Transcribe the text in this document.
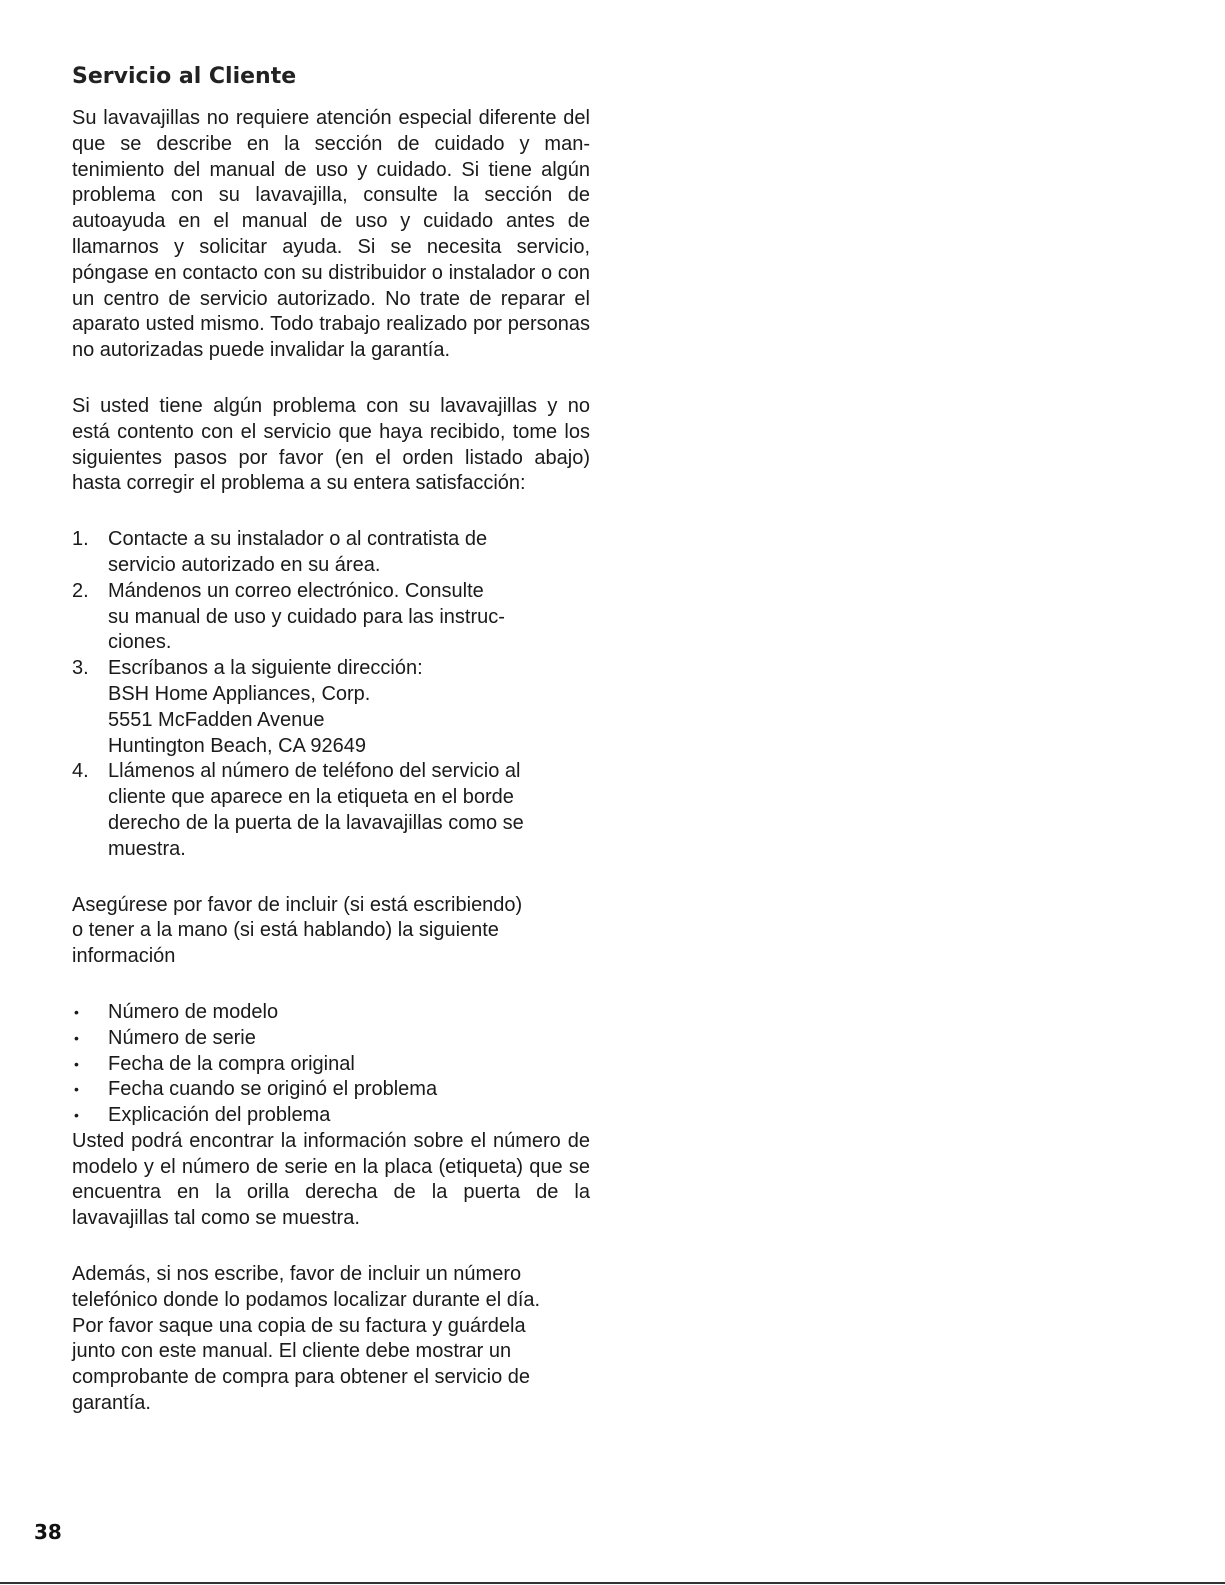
Servicio al Cliente

Su lavavajillas no requiere atención especial diferente del que se describe en la sección de cuidado y mantenimiento del manual de uso y cuidado. Si tiene algún problema con su lavavajilla, consulte la sección de autoayuda en el manual de uso y cuidado antes de llamarnos y solicitar ayuda. Si se necesita servicio, póngase en contacto con su distribuidor o instalador o con un centro de servicio autorizado. No trate de reparar el aparato usted mismo. Todo trabajo realizado por personas no autorizadas puede invalidar la garantía.

Si usted tiene algún problema con su lavavajillas y no está contento con el servicio que haya recibido, tome los siguientes pasos por favor (en el orden listado abajo) hasta corregir el problema a su entera satisfacción:

1. Contacte a su instalador o al contratista de
servicio autorizado en su área.
2. Mándenos un correo electrónico. Consulte
su manual de uso y cuidado para las instruc-
ciones.
3. Escríbanos a la siguiente dirección:
BSH Home Appliances, Corp.
5551 McFadden Avenue
Huntington Beach, CA 92649
4. Llámenos al número de teléfono del servicio al
cliente que aparece en la etiqueta en el borde
derecho de la puerta de la lavavajillas como se
muestra.

Asegúrese por favor de incluir (si está escribiendo)
o tener a la mano (si está hablando) la siguiente
información

• Número de modelo
• Número de serie
• Fecha de la compra original
• Fecha cuando se originó el problema
• Explicación del problema

Usted podrá encontrar la información sobre el número de modelo y el número de serie en la placa (etiqueta) que se encuentra en la orilla derecha de la puerta de la lavavajillas tal como se muestra.

Además, si nos escribe, favor de incluir un número
telefónico donde lo podamos localizar durante el día.
Por favor saque una copia de su factura y guárdela
junto con este manual. El cliente debe mostrar un
comprobante de compra para obtener el servicio de
garantía.

38
